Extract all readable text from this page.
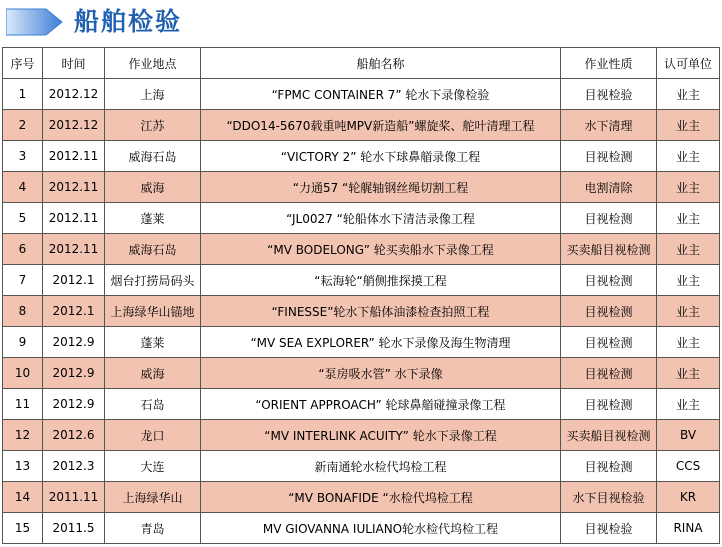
船舶检验
序号	时间	作业地点	船舶名称	作业性质	认可单位
1	2012.12	上海	“FPMC CONTAINER 7” 轮水下录像检验	目视检验	业主
2	2012.12	江苏	“DDO14-5670载重吨MPV新造船”螺旋桨、舵叶清理工程	水下清理	业主
3	2012.11	威海石岛	“VICTORY 2” 轮水下球鼻艏录像工程	目视检测	业主
4	2012.11	威海	“力通57 “轮艉轴钢丝绳切割工程	电割清除	业主
5	2012.11	蓬莱	“JL0027 “轮船体水下清洁录像工程	目视检测	业主
6	2012.11	威海石岛	“MV BODELONG” 轮买卖船水下录像工程	买卖船目视检测	业主
7	2012.1	烟台打捞局码头	“耘海轮“艄侧推探摸工程	目视检测	业主
8	2012.1	上海绿华山锚地	“FINESSE”轮水下船体油漆检查拍照工程	目视检测	业主
9	2012.9	蓬莱	“MV SEA EXPLORER” 轮水下录像及海生物清理	目视检测	业主
10	2012.9	威海	“泵房吸水管” 水下录像	目视检测	业主
11	2012.9	石岛	“ORIENT APPROACH” 轮球鼻艏碰撞录像工程	目视检测	业主
12	2012.6	龙口	“MV INTERLINK ACUITY” 轮水下录像工程	买卖船目视检测	BV
13	2012.3	大连	新南通轮水检代坞检工程	目视检测	CCS
14	2011.11	上海绿华山	“MV BONAFIDE “水检代坞检工程	水下目视检验	KR
15	2011.5	青岛	MV GIOVANNA IULIANO轮水检代坞检工程	目视检验	RINA
